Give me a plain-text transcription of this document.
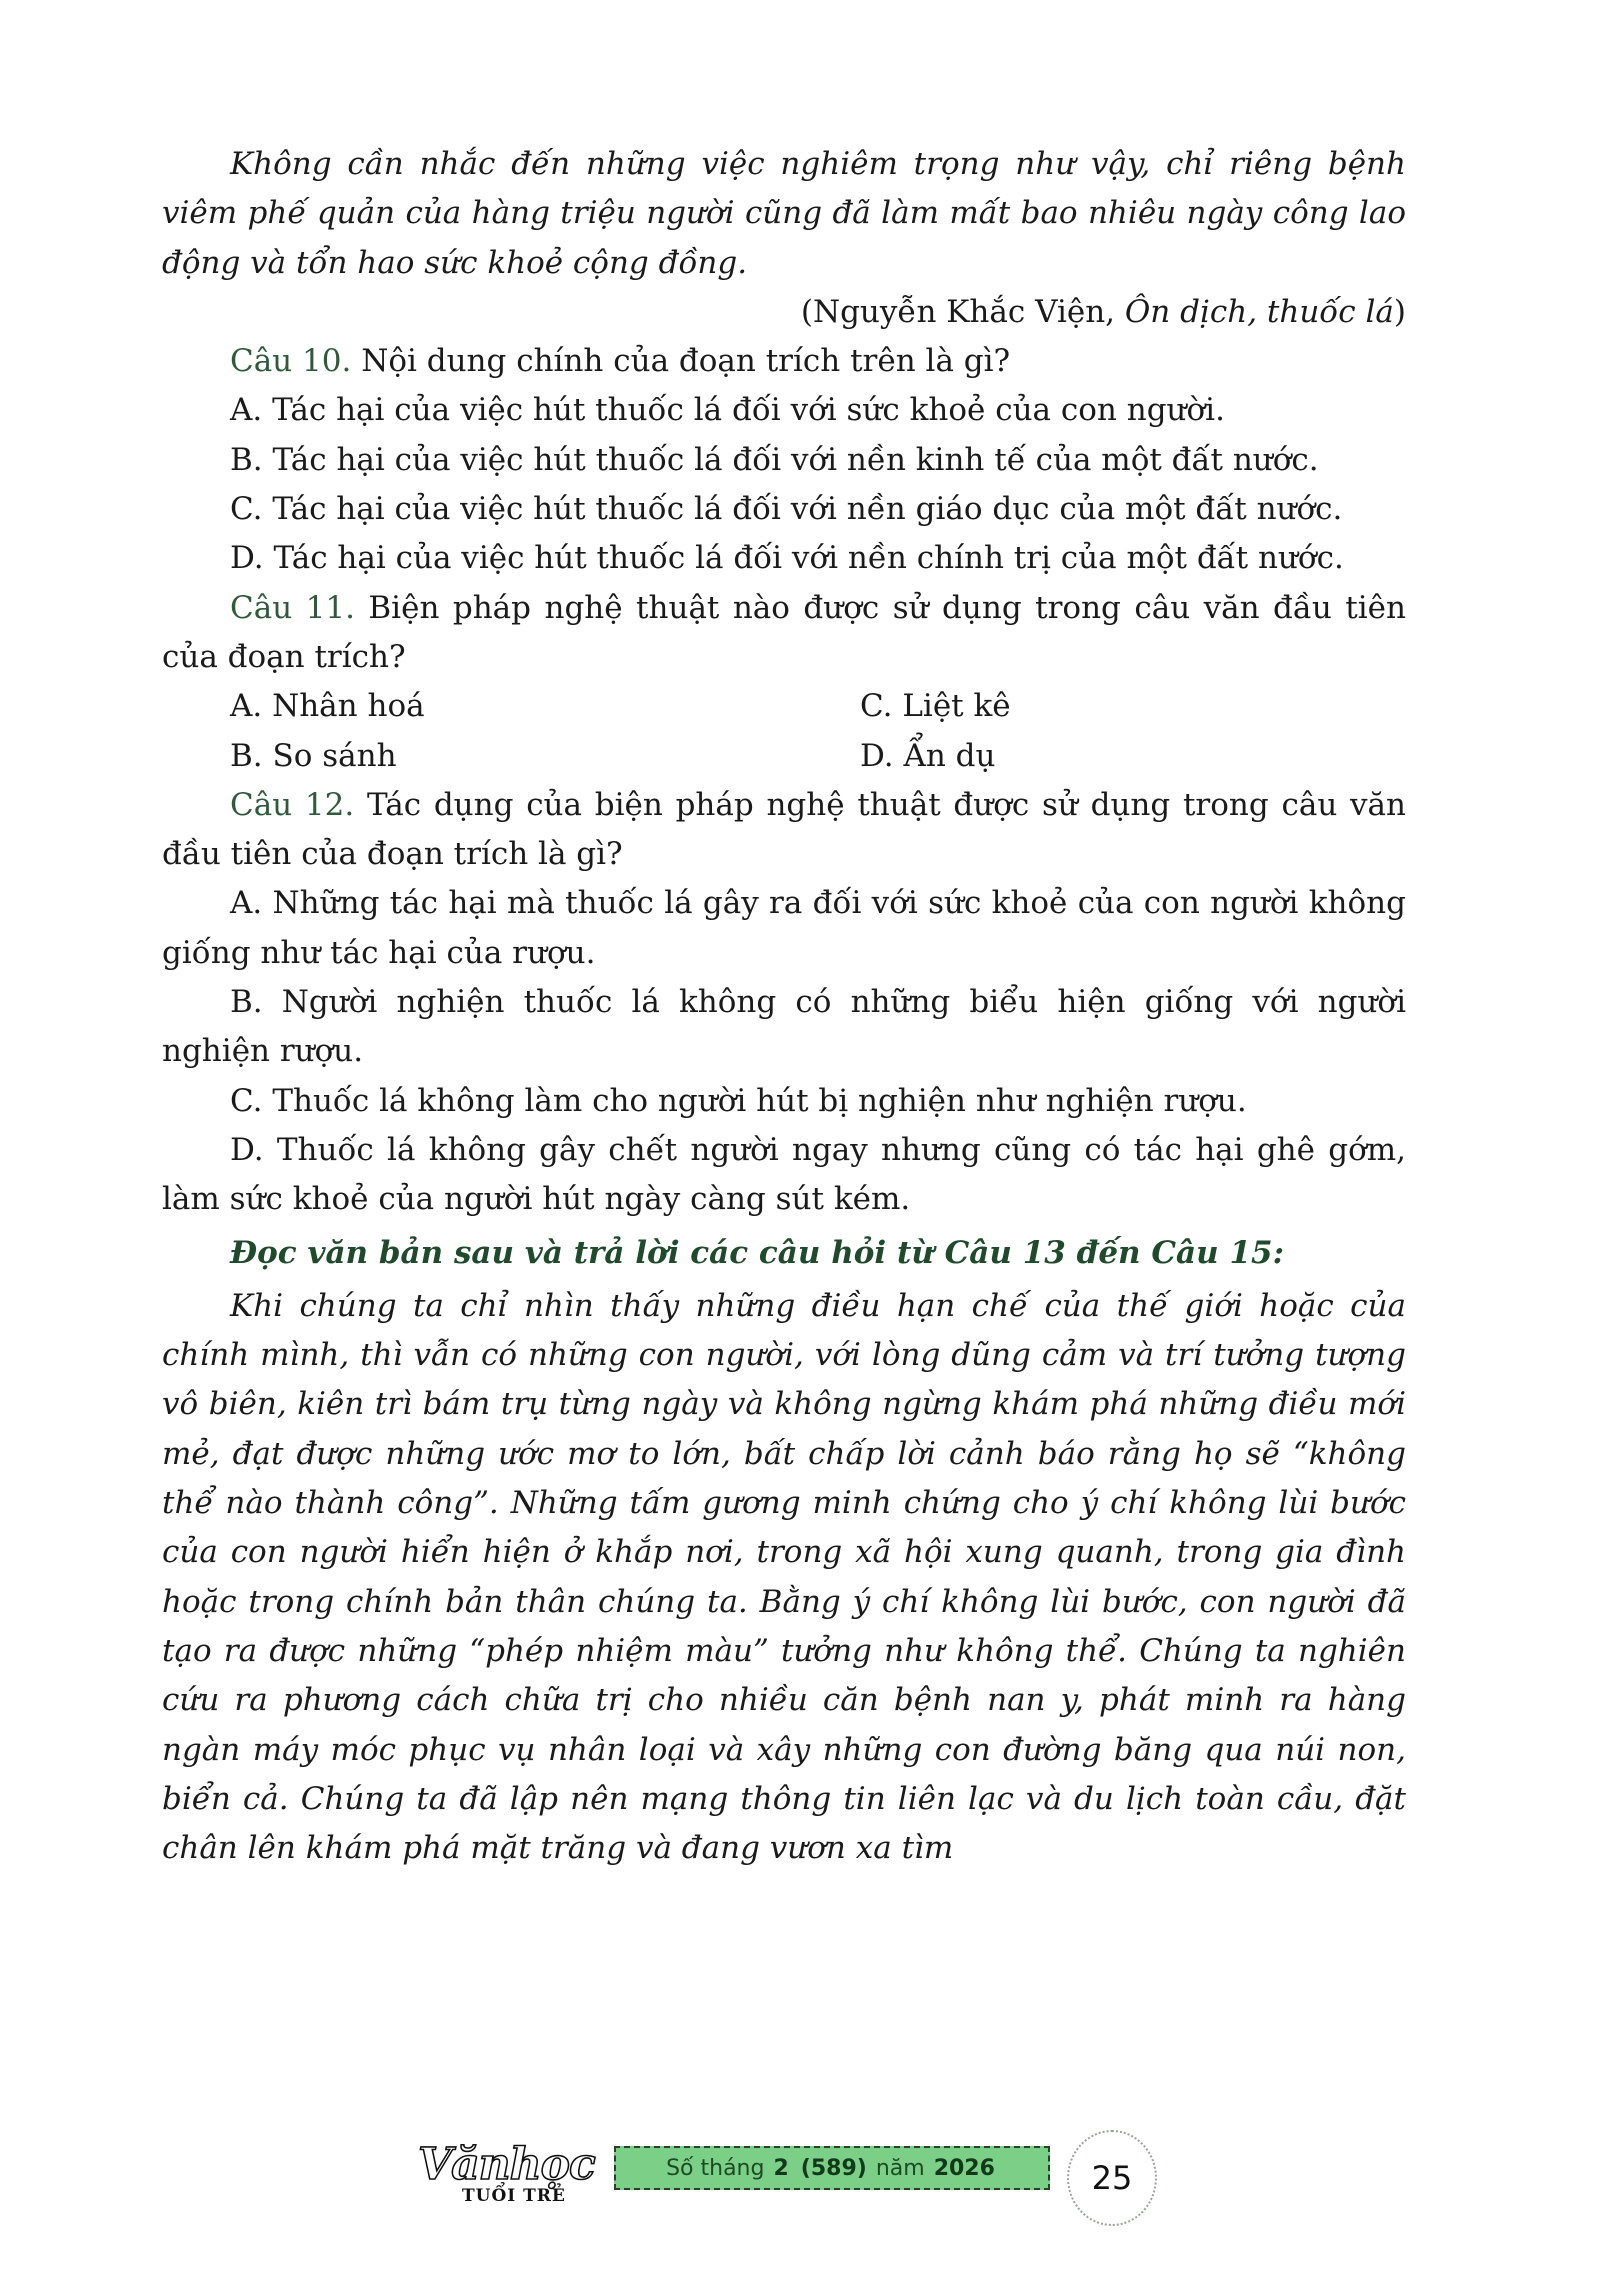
Không cần nhắc đến những việc nghiêm trọng như vậy, chỉ riêng bệnh viêm phế quản của hàng triệu người cũng đã làm mất bao nhiêu ngày công lao động và tổn hao sức khoẻ cộng đồng.

(Nguyễn Khắc Viện, Ôn dịch, thuốc lá)

Câu 10. Nội dung chính của đoạn trích trên là gì?

A. Tác hại của việc hút thuốc lá đối với sức khoẻ của con người.

B. Tác hại của việc hút thuốc lá đối với nền kinh tế của một đất nước.

C. Tác hại của việc hút thuốc lá đối với nền giáo dục của một đất nước.

D. Tác hại của việc hút thuốc lá đối với nền chính trị của một đất nước.

Câu 11. Biện pháp nghệ thuật nào được sử dụng trong câu văn đầu tiên của đoạn trích?

A. Nhân hoá	C. Liệt kê
B. So sánh	D. Ẩn dụ

Câu 12. Tác dụng của biện pháp nghệ thuật được sử dụng trong câu văn đầu tiên của đoạn trích là gì?

A. Những tác hại mà thuốc lá gây ra đối với sức khoẻ của con người không giống như tác hại của rượu.

B. Người nghiện thuốc lá không có những biểu hiện giống với người nghiện rượu.

C. Thuốc lá không làm cho người hút bị nghiện như nghiện rượu.

D. Thuốc lá không gây chết người ngay nhưng cũng có tác hại ghê gớm, làm sức khoẻ của người hút ngày càng sút kém.

Đọc văn bản sau và trả lời các câu hỏi từ Câu 13 đến Câu 15:

Khi chúng ta chỉ nhìn thấy những điều hạn chế của thế giới hoặc của chính mình, thì vẫn có những con người, với lòng dũng cảm và trí tưởng tượng vô biên, kiên trì bám trụ từng ngày và không ngừng khám phá những điều mới mẻ, đạt được những ước mơ to lớn, bất chấp lời cảnh báo rằng họ sẽ “không thể nào thành công”. Những tấm gương minh chứng cho ý chí không lùi bước của con người hiển hiện ở khắp nơi, trong xã hội xung quanh, trong gia đình hoặc trong chính bản thân chúng ta. Bằng ý chí không lùi bước, con người đã tạo ra được những “phép nhiệm màu” tưởng như không thể. Chúng ta nghiên cứu ra phương cách chữa trị cho nhiều căn bệnh nan y, phát minh ra hàng ngàn máy móc phục vụ nhân loại và xây những con đường băng qua núi non, biển cả. Chúng ta đã lập nên mạng thông tin liên lạc và du lịch toàn cầu, đặt chân lên khám phá mặt trăng và đang vươn xa tìm

Vănhọc
TUỔI TRẺ
Số tháng 2 (589) năm 2026	25
